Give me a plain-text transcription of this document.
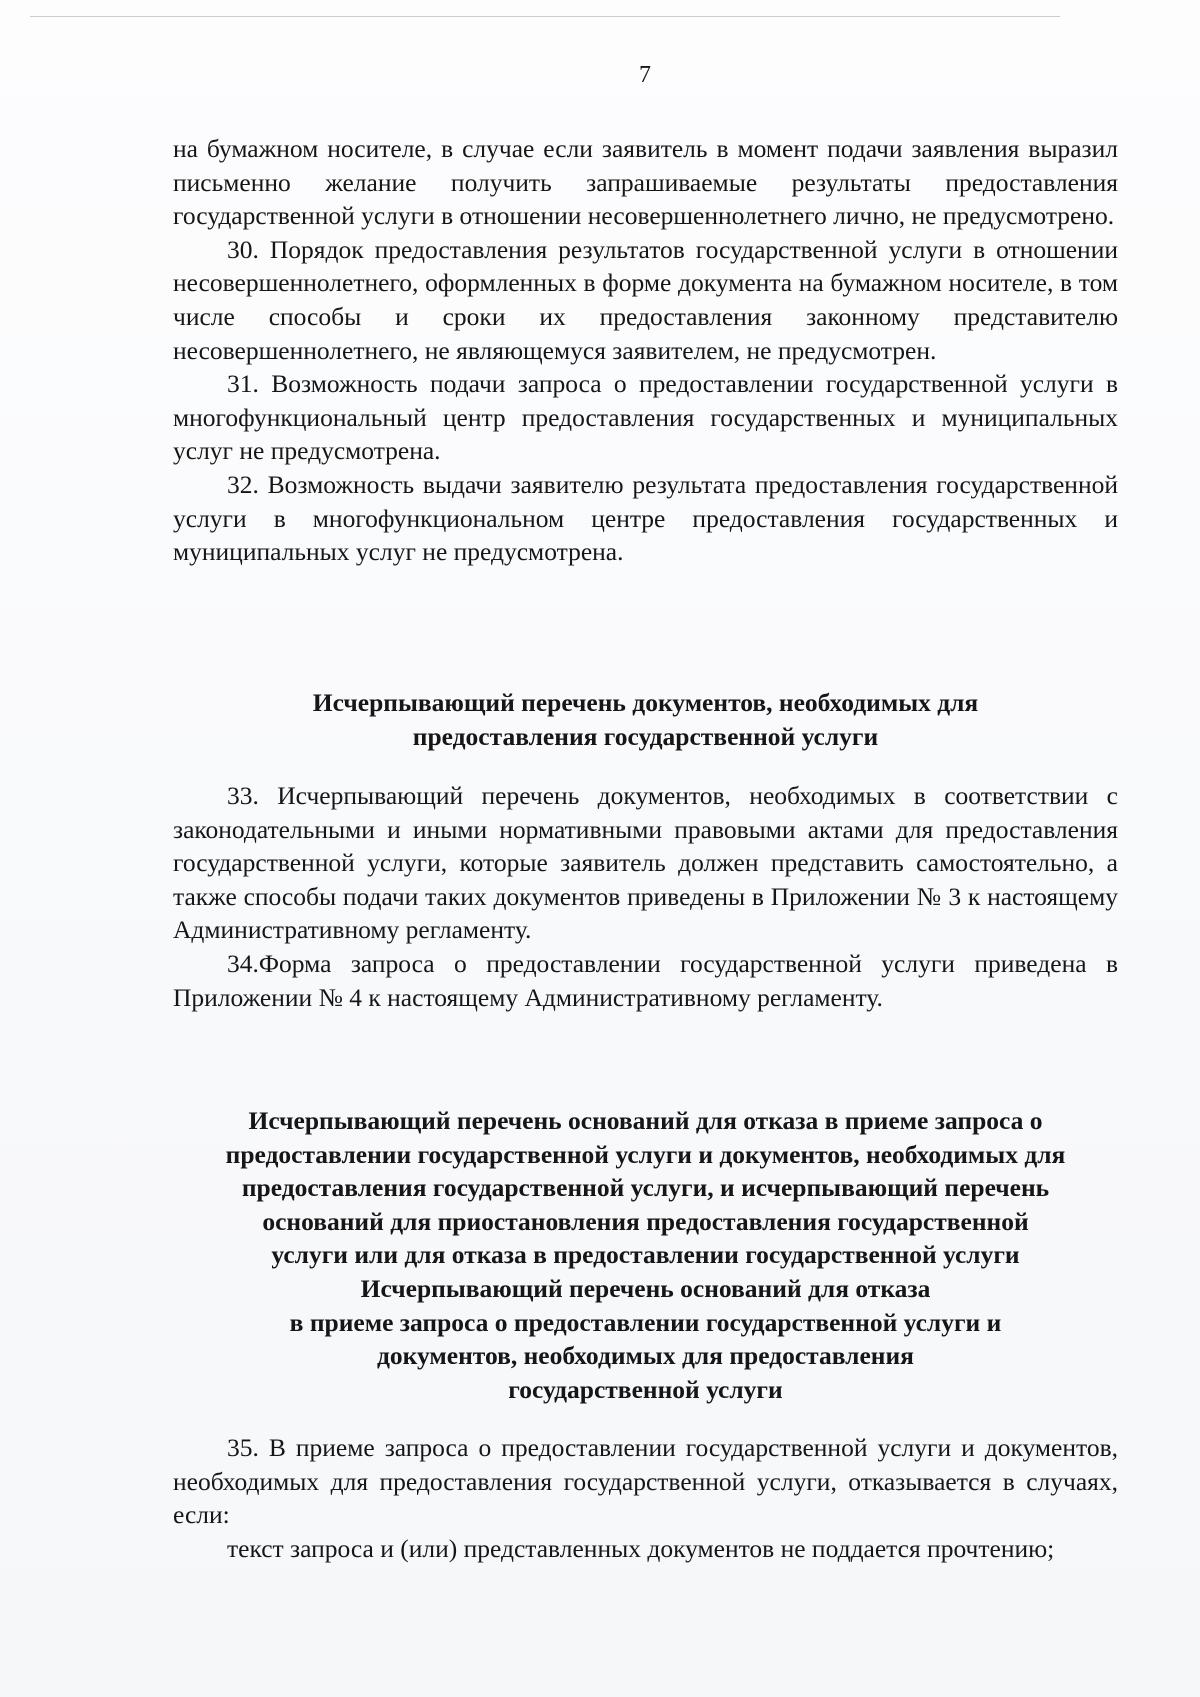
7

на бумажном носителе, в случае если заявитель в момент подачи заявления выразил письменно желание получить запрашиваемые результаты предоставления государственной услуги в отношении несовершеннолетнего лично, не предусмотрено.

30. Порядок предоставления результатов государственной услуги в отношении несовершеннолетнего, оформленных в форме документа на бумажном носителе, в том числе способы и сроки их предоставления законному представителю несовершеннолетнего, не являющемуся заявителем, не предусмотрен.

31. Возможность подачи запроса о предоставлении государственной услуги в многофункциональный центр предоставления государственных и муниципальных услуг не предусмотрена.

32. Возможность выдачи заявителю результата предоставления государственной услуги в многофункциональном центре предоставления государственных и муниципальных услуг не предусмотрена.

Исчерпывающий перечень документов, необходимых для
предоставления государственной услуги

33. Исчерпывающий перечень документов, необходимых в соответствии с законодательными и иными нормативными правовыми актами для предоставления государственной услуги, которые заявитель должен представить самостоятельно, а также способы подачи таких документов приведены в Приложении № 3 к настоящему Административному регламенту.

34.Форма запроса о предоставлении государственной услуги приведена в Приложении № 4 к настоящему Административному регламенту.

Исчерпывающий перечень оснований для отказа в приеме запроса о
предоставлении государственной услуги и документов, необходимых для
предоставления государственной услуги, и исчерпывающий перечень
оснований для приостановления предоставления государственной
услуги или для отказа в предоставлении государственной услуги
Исчерпывающий перечень оснований для отказа
в приеме запроса о предоставлении государственной услуги и
документов, необходимых для предоставления
государственной услуги

35. В приеме запроса о предоставлении государственной услуги и документов, необходимых для предоставления государственной услуги, отказывается в случаях, если:

текст запроса и (или) представленных документов не поддается прочтению;
